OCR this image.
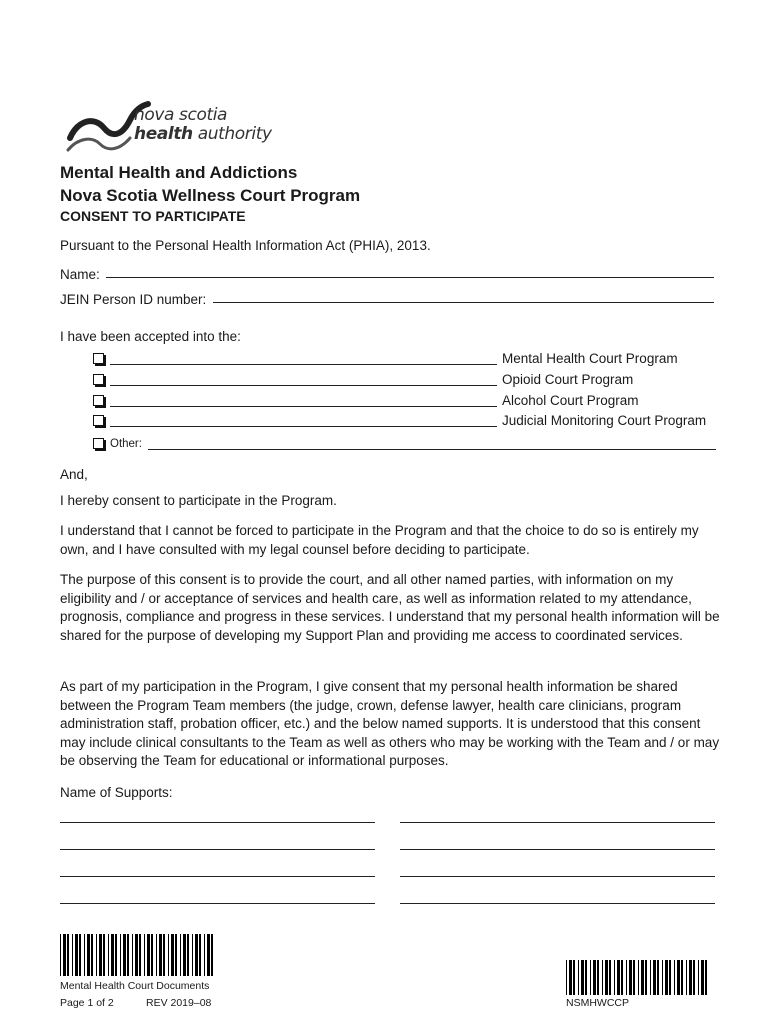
nova scotia
health authority
Mental Health and Addictions
Nova Scotia Wellness Court Program
CONSENT TO PARTICIPATE
Pursuant to the Personal Health Information Act (PHIA), 2013.
Name:
JEIN Person ID number:
I have been accepted into the:
Mental Health Court Program
Opioid Court Program
Alcohol Court Program
Judicial Monitoring Court Program
Other:
And,
I hereby consent to participate in the Program.
I understand that I cannot be forced to participate in the Program and that the choice to do so is entirely my own, and I have consulted with my legal counsel before deciding to participate.
The purpose of this consent is to provide the court, and all other named parties, with information on my eligibility and / or acceptance of services and health care, as well as information related to my attendance, prognosis, compliance and progress in these services. I understand that my personal health information will be shared for the purpose of developing my Support Plan and providing me access to coordinated services.
As part of my participation in the Program, I give consent that my personal health information be shared between the Program Team members (the judge, crown, defense lawyer, health care clinicians, program administration staff, probation officer, etc.) and the below named supports. It is understood that this consent may include clinical consultants to the Team as well as others who may be working with the Team and / or may be observing the Team for educational or informational purposes.
Name of Supports:
Mental Health Court Documents
Page 1 of 2	REV 2019–08	NSMHWCCP
